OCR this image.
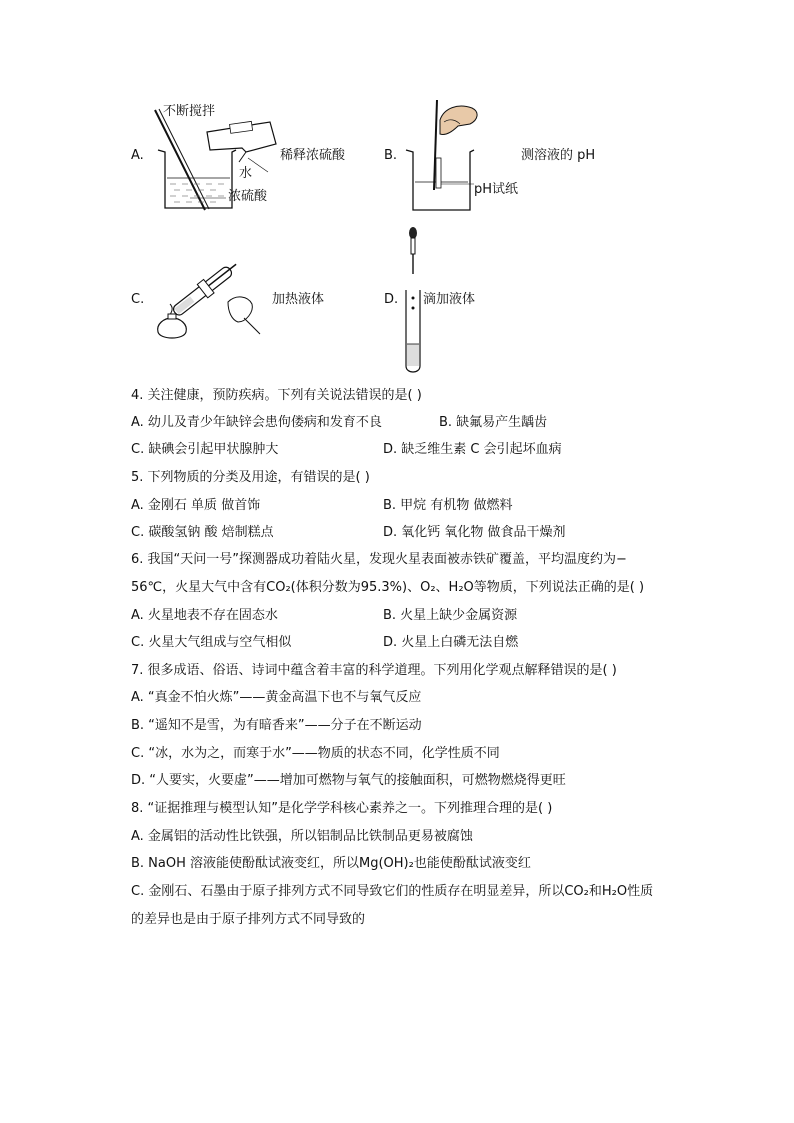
A.
不断搅拌
水
浓硫酸
稀释浓硫酸	B.
pH试纸
测溶液的 pH
C.	加热液体	D. 滴加液体
4. 关注健康，预防疾病。下列有关说法错误的是( )
A. 幼儿及青少年缺锌会患佝偻病和发育不良	B. 缺氟易产生龋齿
C. 缺碘会引起甲状腺肿大	D. 缺乏维生素 C 会引起坏血病
5. 下列物质的分类及用途，有错误的是( )
A. 金刚石 单质 做首饰	B. 甲烷 有机物 做燃料
C. 碳酸氢钠 酸 焙制糕点	D. 氧化钙 氧化物 做食品干燥剂
6. 我国“天问一号”探测器成功着陆火星，发现火星表面被赤铁矿覆盖，平均温度约为−
56℃，火星大气中含有CO₂(体积分数为95.3%)、O₂、H₂O等物质，下列说法正确的是( )
A. 火星地表不存在固态水	B. 火星上缺少金属资源
C. 火星大气组成与空气相似	D. 火星上白磷无法自燃
7. 很多成语、俗语、诗词中蕴含着丰富的科学道理。下列用化学观点解释错误的是( )
A. “真金不怕火炼”——黄金高温下也不与氧气反应
B. “遥知不是雪，为有暗香来”——分子在不断运动
C. “冰，水为之，而寒于水”——物质的状态不同，化学性质不同
D. “人要实，火要虚”——增加可燃物与氧气的接触面积，可燃物燃烧得更旺
8. “证据推理与模型认知”是化学学科核心素养之一。下列推理合理的是( )
A. 金属铝的活动性比铁强，所以铝制品比铁制品更易被腐蚀
B. NaOH 溶液能使酚酞试液变红，所以Mg(OH)₂也能使酚酞试液变红
C. 金刚石、石墨由于原子排列方式不同导致它们的性质存在明显差异，所以CO₂和H₂O性质
的差异也是由于原子排列方式不同导致的
